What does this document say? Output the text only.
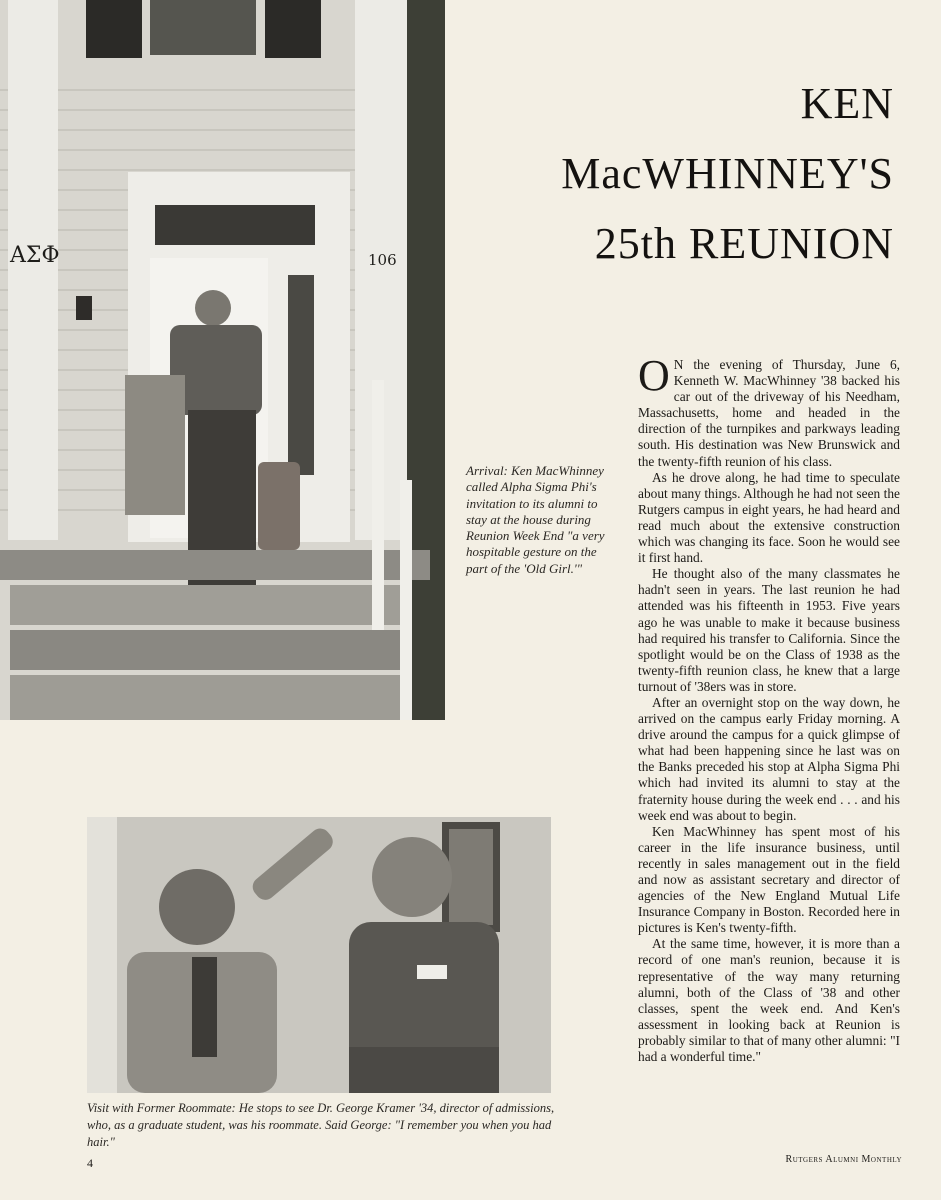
ΑΣΦ	106
KEN
MacWHINNEY'S
25th REUNION
Arrival: Ken MacWhinney called Alpha Sigma Phi's invitation to its alumni to stay at the house during Reunion Week End "a very hospitable gesture on the part of the 'Old Girl.'"

O N the evening of Thursday, June 6, Kenneth W. MacWhinney '38 backed his car out of the driveway of his Needham, Massachusetts, home and headed in the direction of the turnpikes and parkways leading south. His destination was New Brunswick and the twenty-fifth reunion of his class.

As he drove along, he had time to speculate about many things. Although he had not seen the Rutgers campus in eight years, he had heard and read much about the extensive construction which was changing its face. Soon he would see it first hand.

He thought also of the many classmates he hadn't seen in years. The last reunion he had attended was his fifteenth in 1953. Five years ago he was unable to make it because business had required his transfer to California. Since the spotlight would be on the Class of 1938 as the twenty-fifth reunion class, he knew that a large turnout of '38ers was in store.

After an overnight stop on the way down, he arrived on the campus early Friday morning. A drive around the campus for a quick glimpse of what had been happening since he last was on the Banks preceded his stop at Alpha Sigma Phi which had invited its alumni to stay at the fraternity house during the week end . . . and his week end was about to begin.

Ken MacWhinney has spent most of his career in the life insurance business, until recently in sales management out in the field and now as assistant secretary and director of agencies of the New England Mutual Life Insurance Company in Boston. Recorded here in pictures is Ken's twenty-fifth.

At the same time, however, it is more than a record of one man's reunion, because it is representative of the way many returning alumni, both of the Class of '38 and other classes, spent the week end. And Ken's assessment in looking back at Reunion is probably similar to that of many other alumni: "I had a wonderful time."

Visit with Former Roommate: He stops to see Dr. George Kramer '34, director of admissions, who, as a graduate student, was his roommate. Said George: "I remember you when you had hair."
4	Rutgers Alumni Monthly
